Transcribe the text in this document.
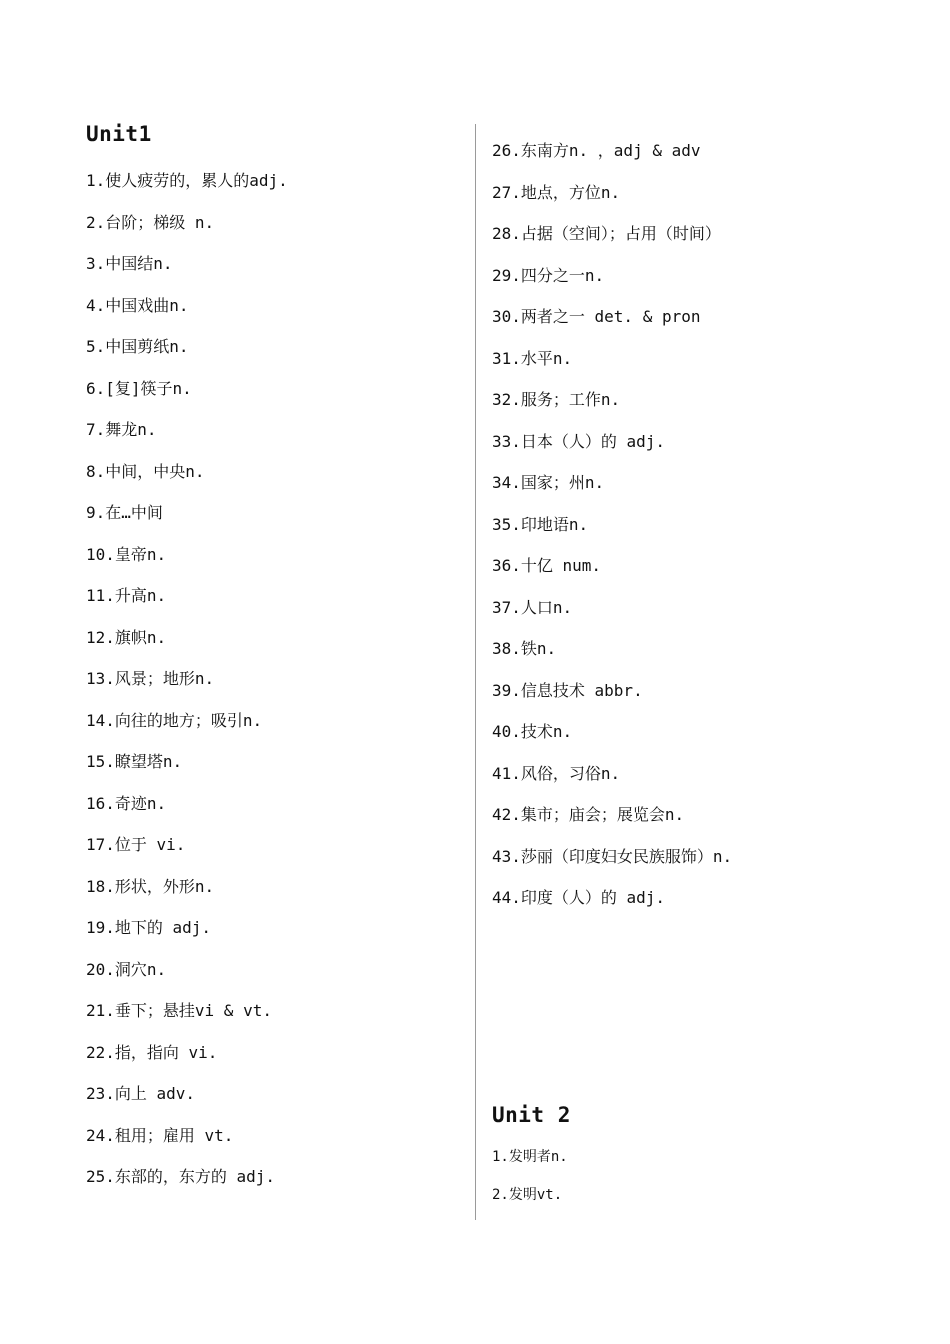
Unit1
1.使人疲劳的，累人的adj.
2.台阶；梯级 n.
3.中国结n.
4.中国戏曲n.
5.中国剪纸n.
6.[复]筷子n.
7.舞龙n.
8.中间，中央n.
9.在…中间
10.皇帝n.
11.升高n.
12.旗帜n.
13.风景；地形n.
14.向往的地方；吸引n.
15.瞭望塔n.
16.奇迹n.
17.位于 vi.
18.形状，外形n.
19.地下的 adj.
20.洞穴n.
21.垂下；悬挂vi & vt.
22.指，指向 vi.
23.向上 adv.
24.租用；雇用 vt.
25.东部的，东方的 adj.
26.东南方n. ，adj & adv
27.地点，方位n.
28.占据（空间）；占用（时间）
29.四分之一n.
30.两者之一 det. & pron
31.水平n.
32.服务；工作n.
33.日本（人）的 adj.
34.国家；州n.
35.印地语n.
36.十亿 num.
37.人口n.
38.铁n.
39.信息技术 abbr.
40.技术n.
41.风俗，习俗n.
42.集市；庙会；展览会n.
43.莎丽（印度妇女民族服饰）n.
44.印度（人）的 adj.
Unit 2
1.发明者n.
2.发明vt.
